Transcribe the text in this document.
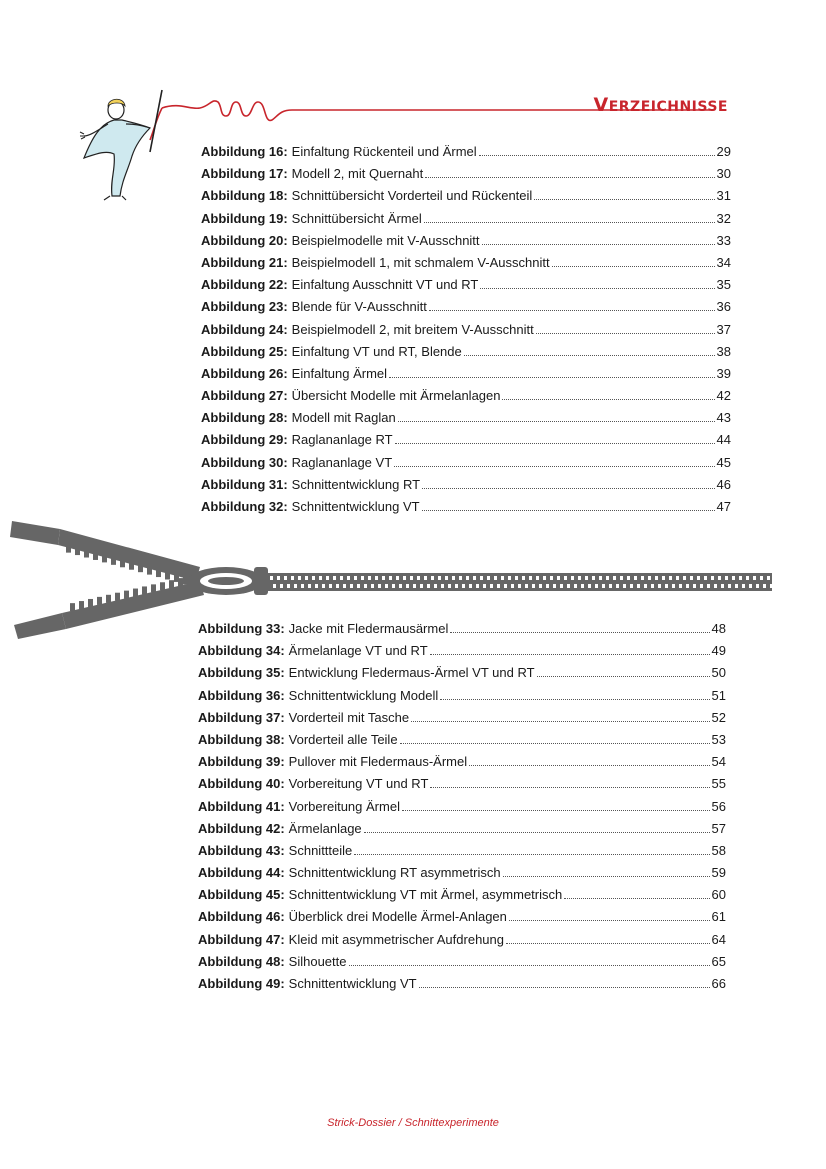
VERZEICHNISSE
Abbildung 16: Einfaltung Rückenteil und Ärmel	29
Abbildung 17: Modell 2, mit Quernaht	30
Abbildung 18: Schnittübersicht Vorderteil und Rückenteil	31
Abbildung 19: Schnittübersicht Ärmel	32
Abbildung 20: Beispielmodelle mit V-Ausschnitt	33
Abbildung 21: Beispielmodell 1, mit schmalem V-Ausschnitt	34
Abbildung 22: Einfaltung Ausschnitt VT und RT	35
Abbildung 23: Blende für V-Ausschnitt	36
Abbildung 24: Beispielmodell 2, mit breitem V-Ausschnitt	37
Abbildung 25: Einfaltung VT und RT, Blende	38
Abbildung 26: Einfaltung Ärmel	39
Abbildung 27: Übersicht Modelle mit Ärmelanlagen	42
Abbildung 28: Modell mit Raglan	43
Abbildung 29: Raglananlage RT	44
Abbildung 30: Raglananlage VT	45
Abbildung 31: Schnittentwicklung RT	46
Abbildung 32: Schnittentwicklung VT	47
Abbildung 33: Jacke mit Fledermausärmel	48
Abbildung 34: Ärmelanlage VT und RT	49
Abbildung 35: Entwicklung Fledermaus-Ärmel VT und RT	50
Abbildung 36: Schnittentwicklung Modell	51
Abbildung 37: Vorderteil mit Tasche	52
Abbildung 38: Vorderteil alle Teile	53
Abbildung 39: Pullover mit Fledermaus-Ärmel	54
Abbildung 40: Vorbereitung VT und RT	55
Abbildung 41: Vorbereitung Ärmel	56
Abbildung 42: Ärmelanlage	57
Abbildung 43: Schnittteile	58
Abbildung 44: Schnittentwicklung RT asymmetrisch	59
Abbildung 45: Schnittentwicklung VT mit Ärmel, asymmetrisch	60
Abbildung 46: Überblick drei Modelle Ärmel-Anlagen	61
Abbildung 47: Kleid mit asymmetrischer Aufdrehung	64
Abbildung 48: Silhouette	65
Abbildung 49: Schnittentwicklung VT	66
Strick-Dossier / Schnittexperimente
